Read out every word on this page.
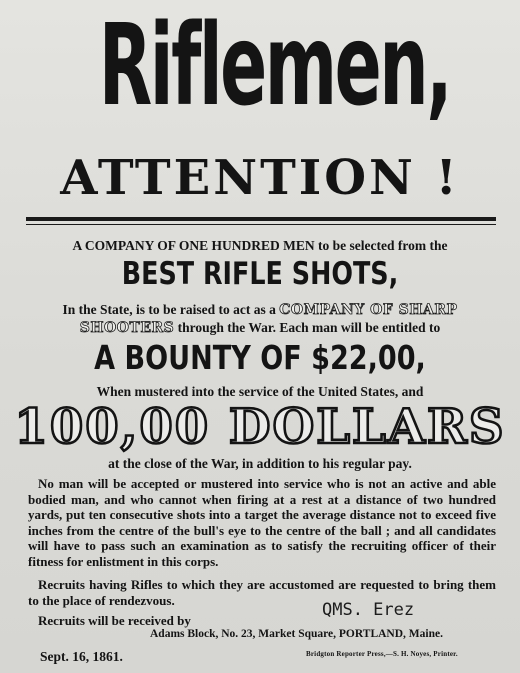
Riflemen,
ATTENTION !
A COMPANY OF ONE HUNDRED MEN to be selected from the
BEST RIFLE SHOTS,
In the State, is to be raised to act as a COMPANY OF SHARP
SHOOTERS through the War. Each man will be entitled to
A BOUNTY OF $22,00,
When mustered into the service of the United States, and
100,00 DOLLARS
at the close of the War, in addition to his regular pay.
No man will be accepted or mustered into service who is not an active and able bodied man, and who cannot when firing at a rest at a distance of two hundred yards, put ten consecutive shots into a target the average distance not to exceed five inches from the centre of the bull's eye to the centre of the ball ; and all candidates will have to pass such an examination as to satisfy the recruiting officer of their fitness for enlistment in this corps.
Recruits having Rifles to which they are accustomed are requested to bring them to the place of rendezvous.
Recruits will be received by
QMS. Erez
Adams Block, No. 23, Market Square, PORTLAND, Maine.
Sept. 16, 1861.	Bridgton Reporter Press,—S. H. Noyes, Printer.
